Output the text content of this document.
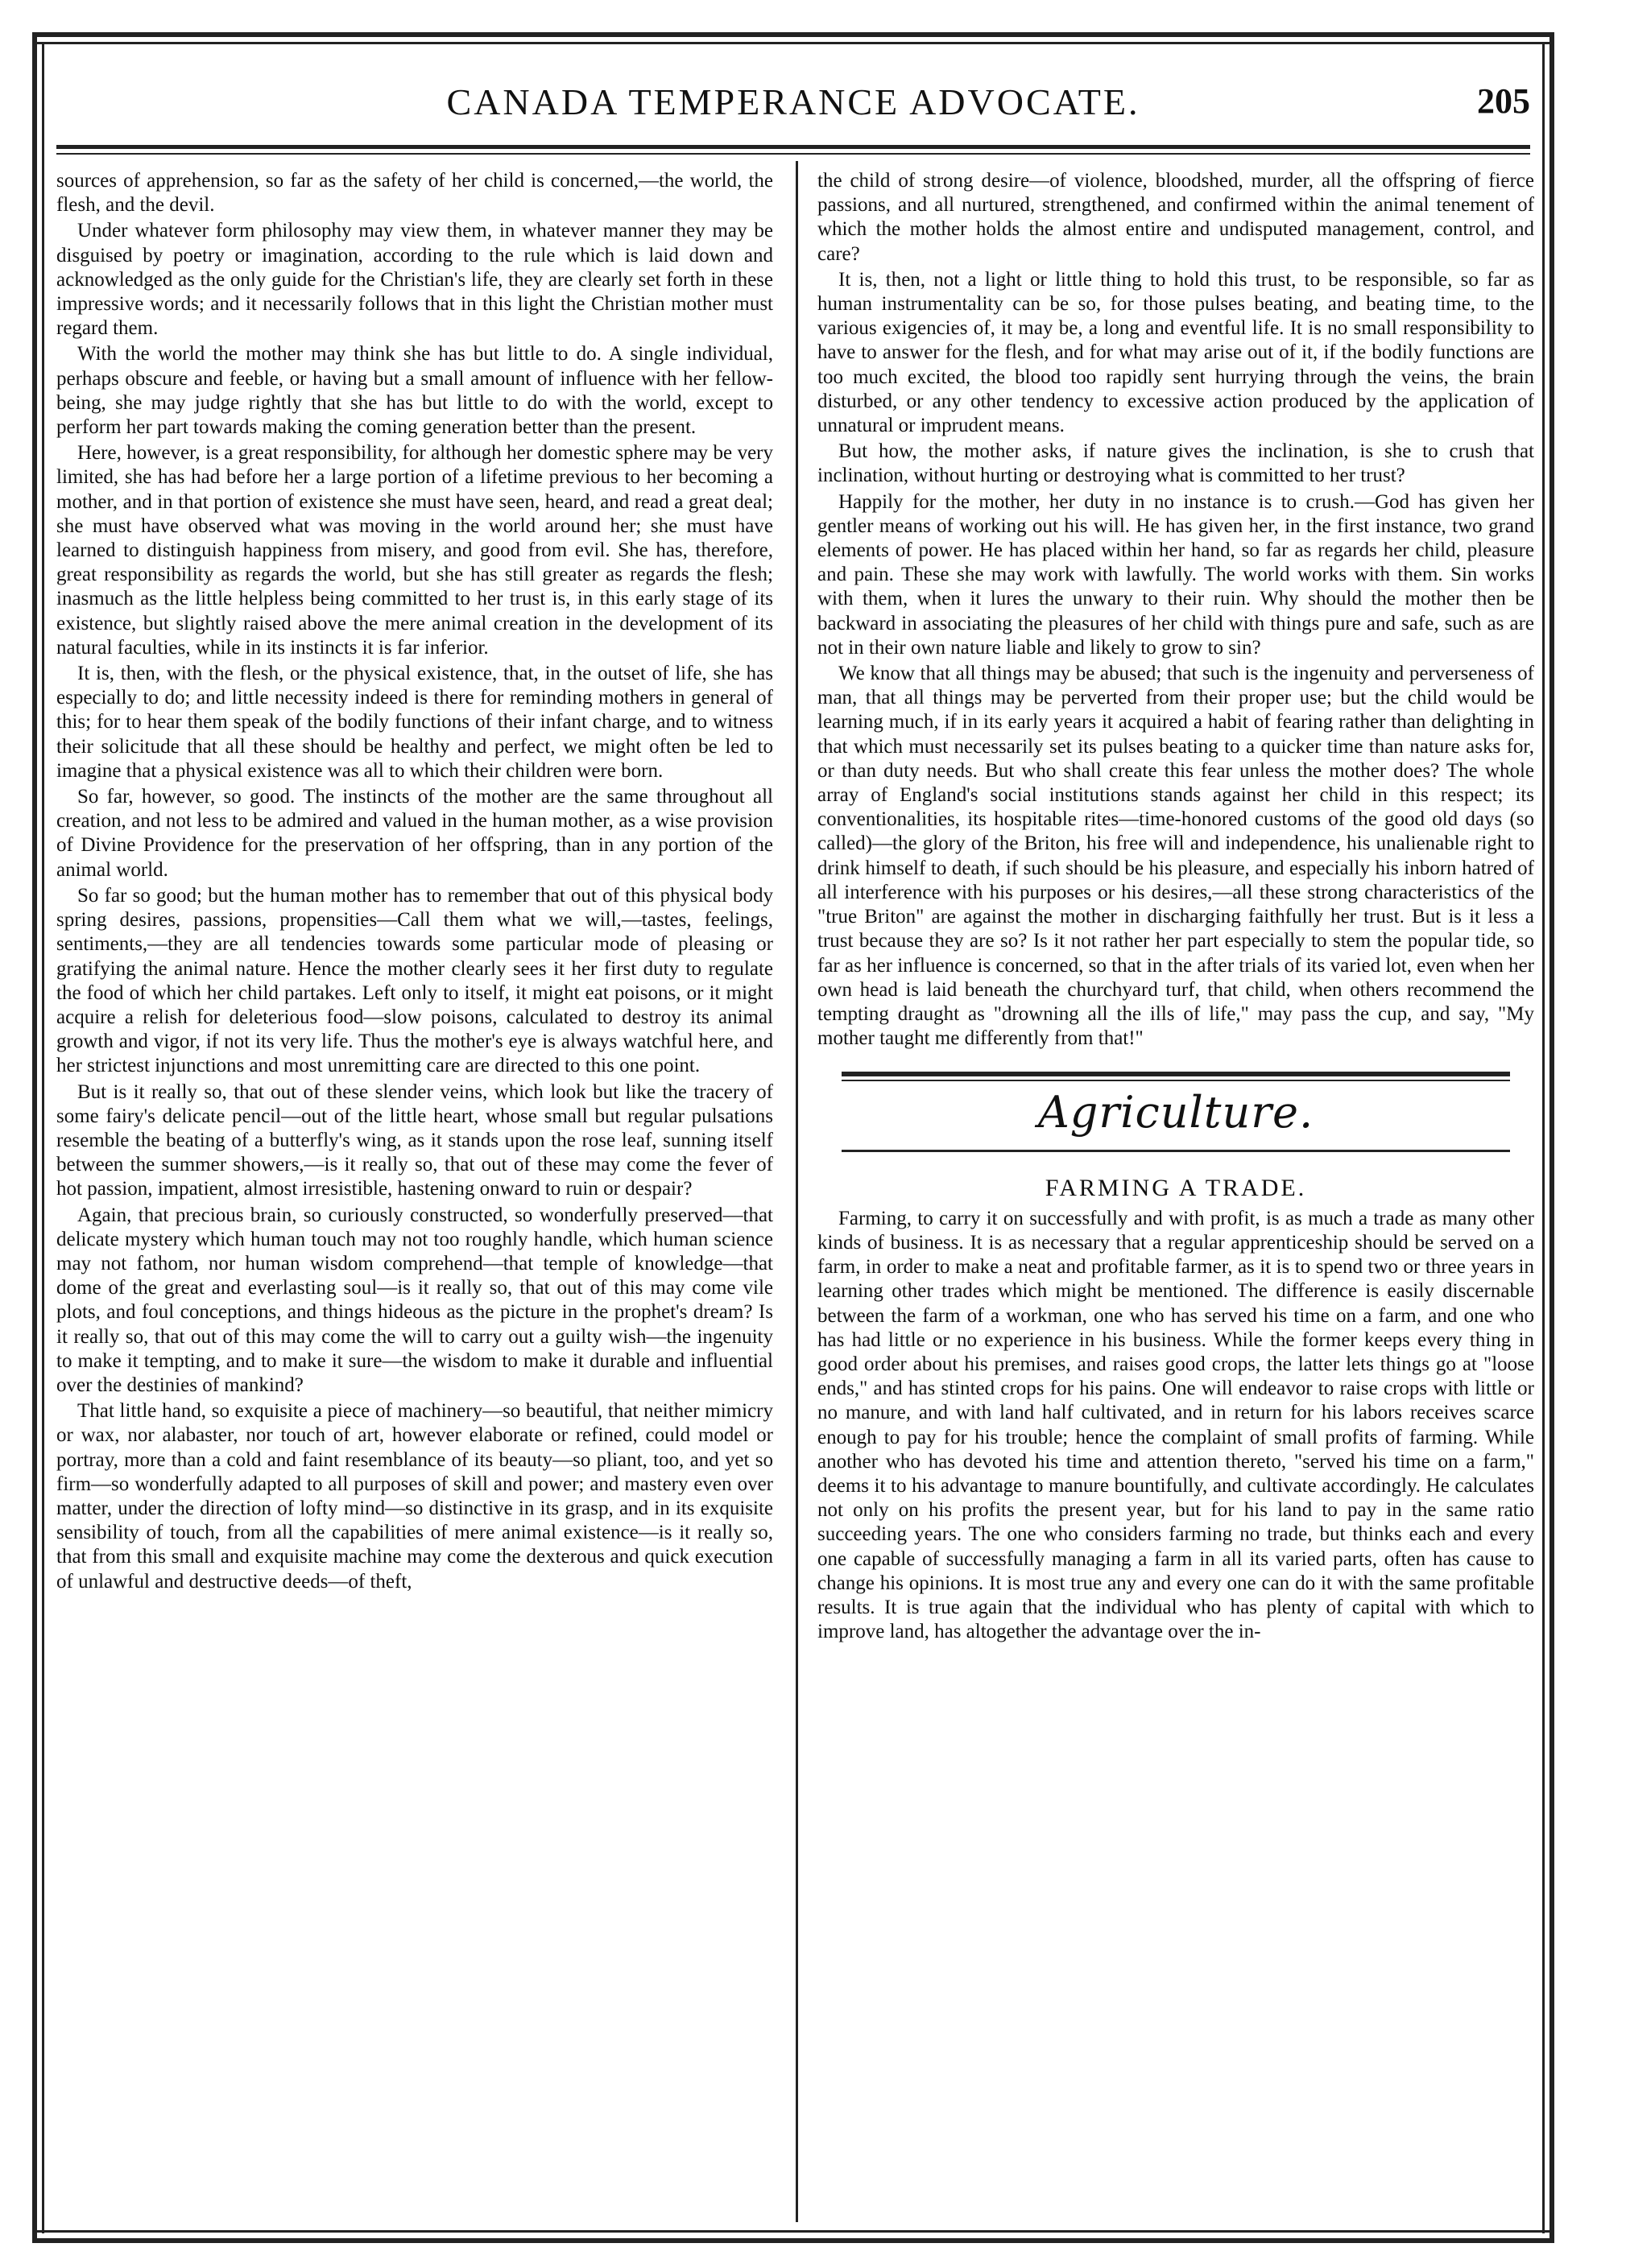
CANADA TEMPERANCE ADVOCATE.	205

sources of apprehension, so far as the safety of her child is concerned,—the world, the flesh, and the devil.

Under whatever form philosophy may view them, in whatever manner they may be disguised by poetry or imagination, according to the rule which is laid down and acknowledged as the only guide for the Christian's life, they are clearly set forth in these impressive words; and it necessarily follows that in this light the Christian mother must regard them.

With the world the mother may think she has but little to do. A single individual, perhaps obscure and feeble, or having but a small amount of influence with her fellow-being, she may judge rightly that she has but little to do with the world, except to perform her part towards making the coming generation better than the present.

Here, however, is a great responsibility, for although her domestic sphere may be very limited, she has had before her a large portion of a lifetime previous to her becoming a mother, and in that portion of existence she must have seen, heard, and read a great deal; she must have observed what was moving in the world around her; she must have learned to distinguish happiness from misery, and good from evil. She has, therefore, great responsibility as regards the world, but she has still greater as regards the flesh; inasmuch as the little helpless being committed to her trust is, in this early stage of its existence, but slightly raised above the mere animal creation in the development of its natural faculties, while in its instincts it is far inferior.

It is, then, with the flesh, or the physical existence, that, in the outset of life, she has especially to do; and little necessity indeed is there for reminding mothers in general of this; for to hear them speak of the bodily functions of their infant charge, and to witness their solicitude that all these should be healthy and perfect, we might often be led to imagine that a physical existence was all to which their children were born.

So far, however, so good. The instincts of the mother are the same throughout all creation, and not less to be admired and valued in the human mother, as a wise provision of Divine Providence for the preservation of her offspring, than in any portion of the animal world.

So far so good; but the human mother has to remember that out of this physical body spring desires, passions, propensities—Call them what we will,—tastes, feelings, sentiments,—they are all tendencies towards some particular mode of pleasing or gratifying the animal nature. Hence the mother clearly sees it her first duty to regulate the food of which her child partakes. Left only to itself, it might eat poisons, or it might acquire a relish for deleterious food—slow poisons, calculated to destroy its animal growth and vigor, if not its very life. Thus the mother's eye is always watchful here, and her strictest injunctions and most unremitting care are directed to this one point.

But is it really so, that out of these slender veins, which look but like the tracery of some fairy's delicate pencil—out of the little heart, whose small but regular pulsations resemble the beating of a butterfly's wing, as it stands upon the rose leaf, sunning itself between the summer showers,—is it really so, that out of these may come the fever of hot passion, impatient, almost irresistible, hastening onward to ruin or despair?

Again, that precious brain, so curiously constructed, so wonderfully preserved—that delicate mystery which human touch may not too roughly handle, which human science may not fathom, nor human wisdom comprehend—that temple of knowledge—that dome of the great and everlasting soul—is it really so, that out of this may come vile plots, and foul conceptions, and things hideous as the picture in the prophet's dream? Is it really so, that out of this may come the will to carry out a guilty wish—the ingenuity to make it tempting, and to make it sure—the wisdom to make it durable and influential over the destinies of mankind?

That little hand, so exquisite a piece of machinery—so beautiful, that neither mimicry or wax, nor alabaster, nor touch of art, however elaborate or refined, could model or portray, more than a cold and faint resemblance of its beauty—so pliant, too, and yet so firm—so wonderfully adapted to all purposes of skill and power; and mastery even over matter, under the direction of lofty mind—so distinctive in its grasp, and in its exquisite sensibility of touch, from all the capabilities of mere animal existence—is it really so, that from this small and exquisite machine may come the dexterous and quick execution of unlawful and destructive deeds—of theft,

the child of strong desire—of violence, bloodshed, murder, all the offspring of fierce passions, and all nurtured, strengthened, and confirmed within the animal tenement of which the mother holds the almost entire and undisputed management, control, and care?

It is, then, not a light or little thing to hold this trust, to be responsible, so far as human instrumentality can be so, for those pulses beating, and beating time, to the various exigencies of, it may be, a long and eventful life. It is no small responsibility to have to answer for the flesh, and for what may arise out of it, if the bodily functions are too much excited, the blood too rapidly sent hurrying through the veins, the brain disturbed, or any other tendency to excessive action produced by the application of unnatural or imprudent means.

But how, the mother asks, if nature gives the inclination, is she to crush that inclination, without hurting or destroying what is committed to her trust?

Happily for the mother, her duty in no instance is to crush.—God has given her gentler means of working out his will. He has given her, in the first instance, two grand elements of power. He has placed within her hand, so far as regards her child, pleasure and pain. These she may work with lawfully. The world works with them. Sin works with them, when it lures the unwary to their ruin. Why should the mother then be backward in associating the pleasures of her child with things pure and safe, such as are not in their own nature liable and likely to grow to sin?

We know that all things may be abused; that such is the ingenuity and perverseness of man, that all things may be perverted from their proper use; but the child would be learning much, if in its early years it acquired a habit of fearing rather than delighting in that which must necessarily set its pulses beating to a quicker time than nature asks for, or than duty needs. But who shall create this fear unless the mother does? The whole array of England's social institutions stands against her child in this respect; its conventionalities, its hospitable rites—time-honored customs of the good old days (so called)—the glory of the Briton, his free will and independence, his unalienable right to drink himself to death, if such should be his pleasure, and especially his inborn hatred of all interference with his purposes or his desires,—all these strong characteristics of the "true Briton" are against the mother in discharging faithfully her trust. But is it less a trust because they are so? Is it not rather her part especially to stem the popular tide, so far as her influence is concerned, so that in the after trials of its varied lot, even when her own head is laid beneath the churchyard turf, that child, when others recommend the tempting draught as "drowning all the ills of life," may pass the cup, and say, "My mother taught me differently from that!"

Agriculture.
FARMING A TRADE.

Farming, to carry it on successfully and with profit, is as much a trade as many other kinds of business. It is as necessary that a regular apprenticeship should be served on a farm, in order to make a neat and profitable farmer, as it is to spend two or three years in learning other trades which might be mentioned. The difference is easily discernable between the farm of a workman, one who has served his time on a farm, and one who has had little or no experience in his business. While the former keeps every thing in good order about his premises, and raises good crops, the latter lets things go at "loose ends," and has stinted crops for his pains. One will endeavor to raise crops with little or no manure, and with land half cultivated, and in return for his labors receives scarce enough to pay for his trouble; hence the complaint of small profits of farming. While another who has devoted his time and attention thereto, "served his time on a farm," deems it to his advantage to manure bountifully, and cultivate accordingly. He calculates not only on his profits the present year, but for his land to pay in the same ratio succeeding years. The one who considers farming no trade, but thinks each and every one capable of successfully managing a farm in all its varied parts, often has cause to change his opinions. It is most true any and every one can do it with the same profitable results. It is true again that the individual who has plenty of capital with which to improve land, has altogether the advantage over the in-
